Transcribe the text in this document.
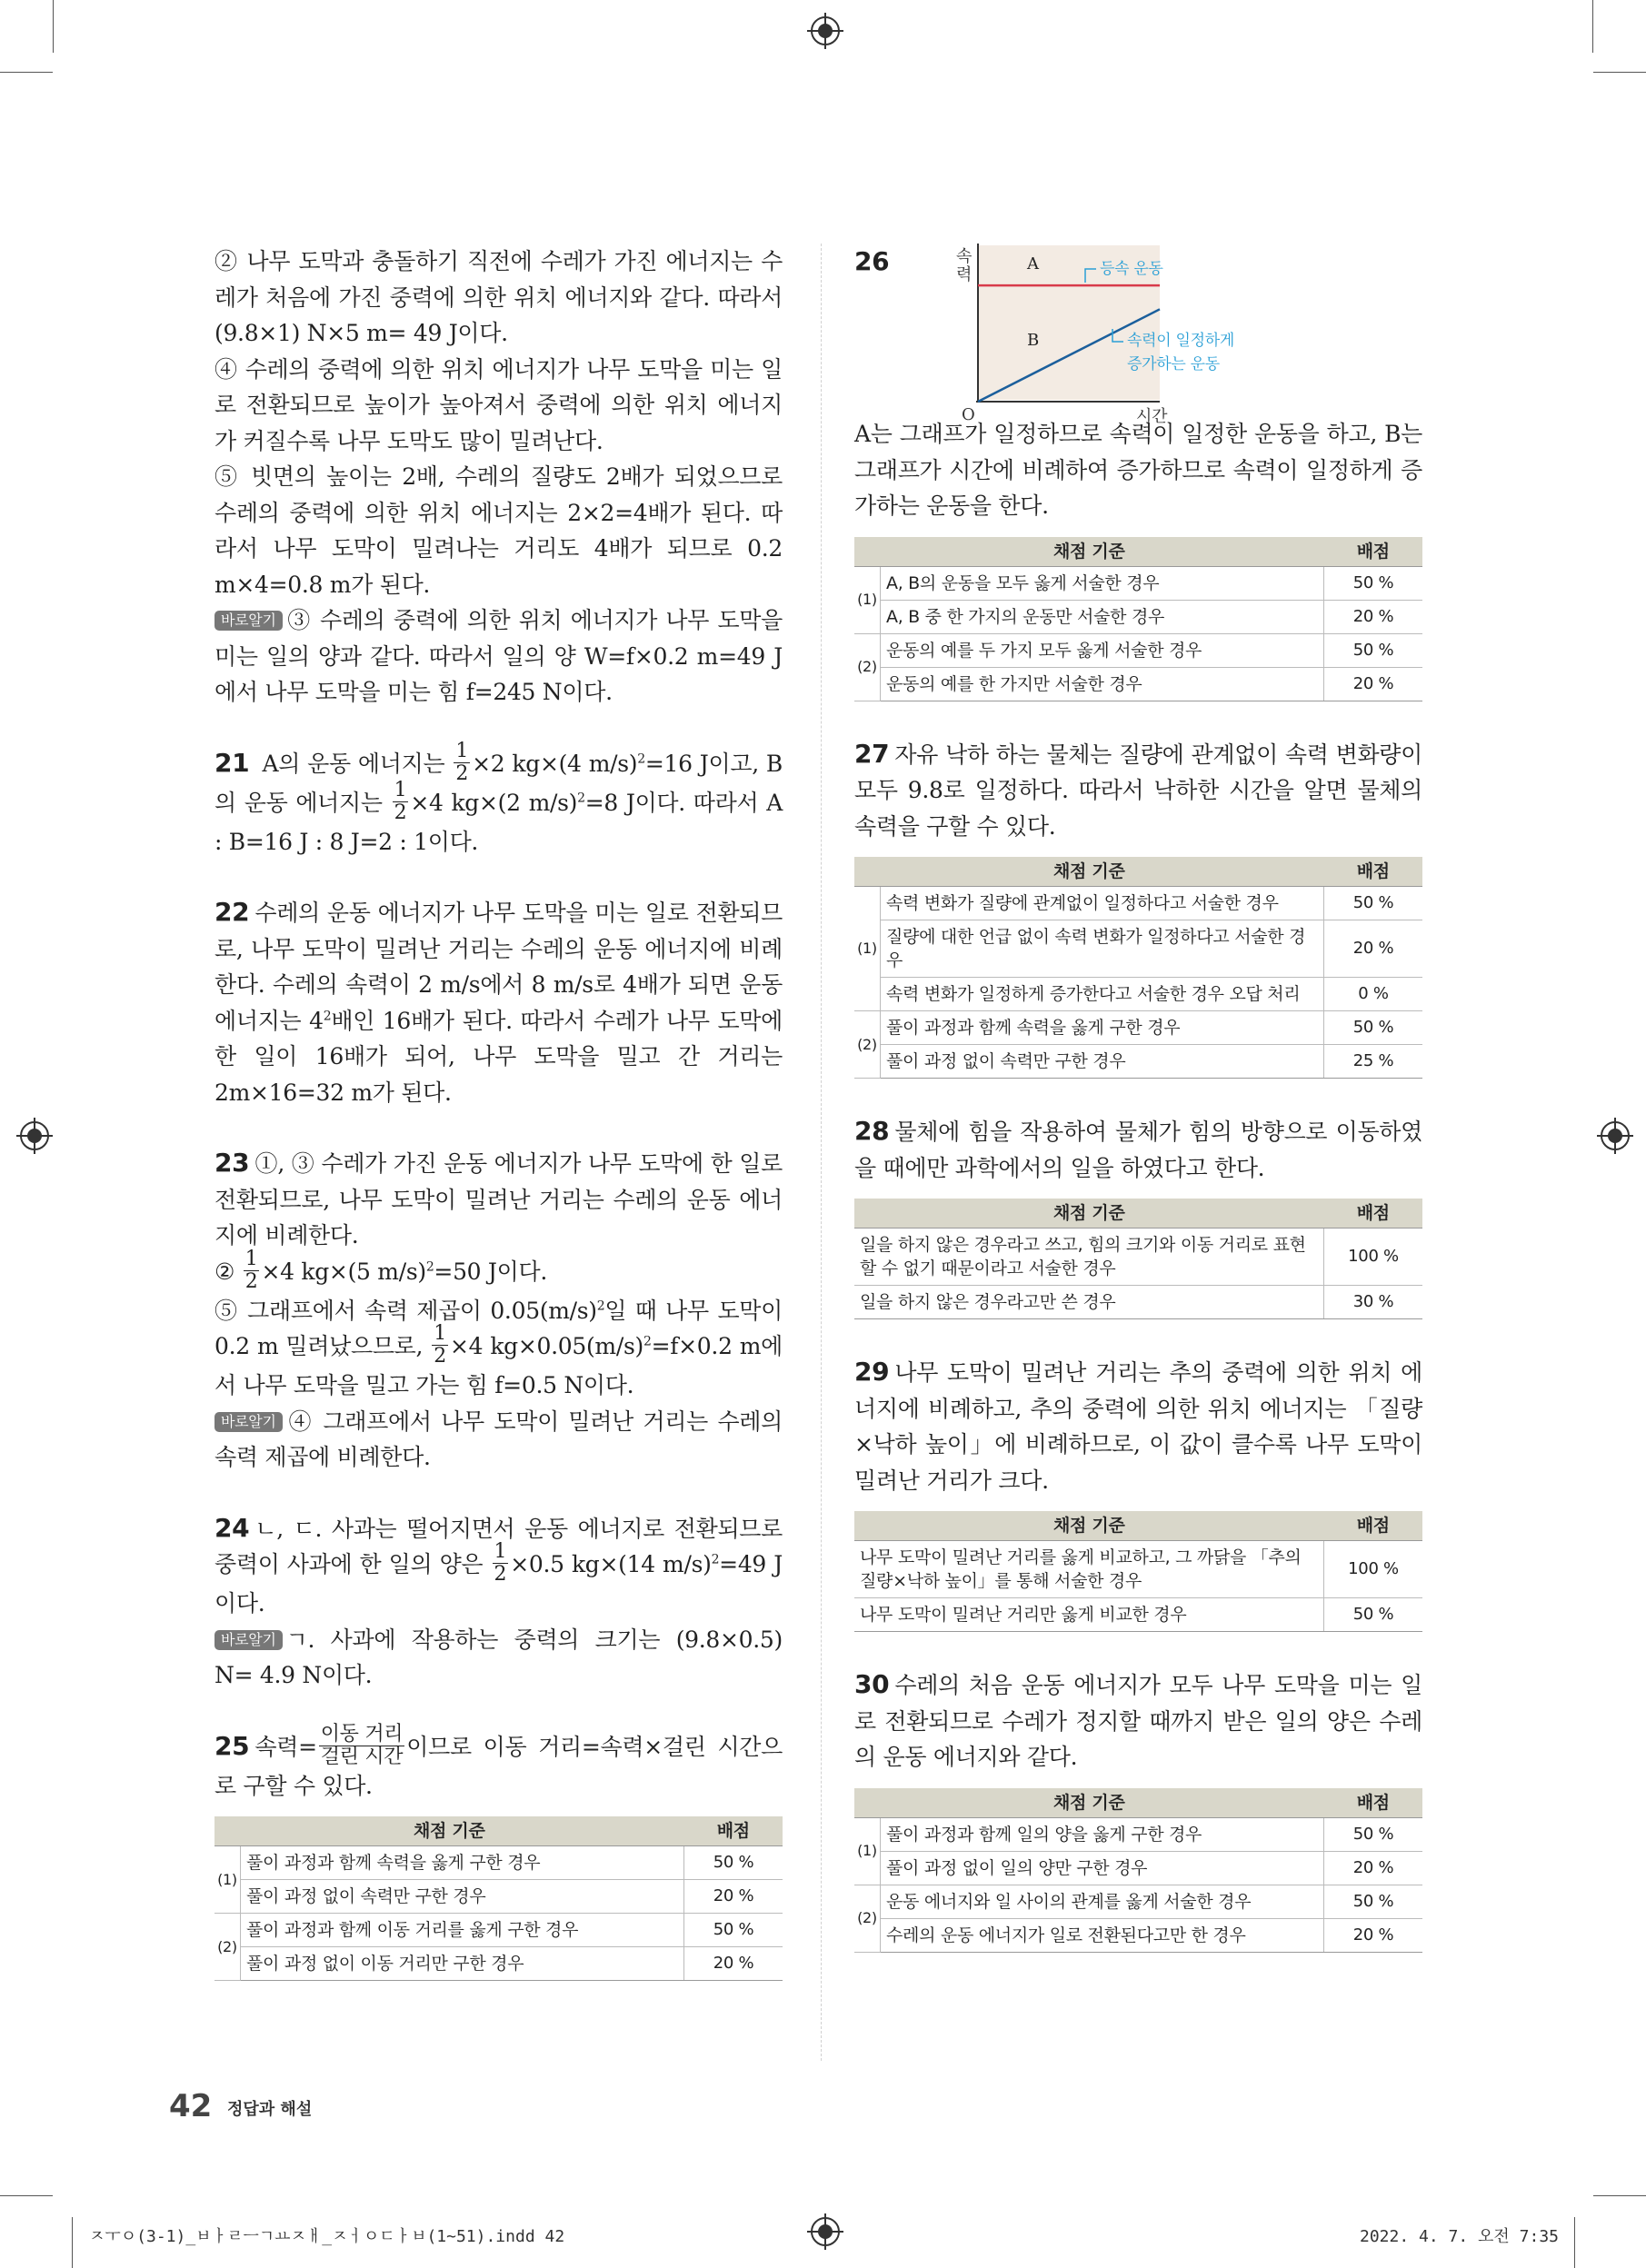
② 나무 도막과 충돌하기 직전에 수레가 가진 에너지는 수레가 처음에 가진 중력에 의한 위치 에너지와 같다. 따라서 (9.8×1) N×5 m= 49 J이다.

④ 수레의 중력에 의한 위치 에너지가 나무 도막을 미는 일로 전환되므로 높이가 높아져서 중력에 의한 위치 에너지가 커질수록 나무 도막도 많이 밀려난다.

⑤ 빗면의 높이는 2배, 수레의 질량도 2배가 되었으므로 수레의 중력에 의한 위치 에너지는 2×2=4배가 된다. 따라서 나무 도막이 밀려나는 거리도 4배가 되므로 0.2 m×4=0.8 m가 된다.

바로알기 ③ 수레의 중력에 의한 위치 에너지가 나무 도막을 미는 일의 양과 같다. 따라서 일의 양 W=f×0.2 m=49 J에서 나무 도막을 미는 힘 f=245 N이다.

21 A의 운동 에너지는 $\frac{1}{2} \times 2$ kg×(4 m/s)$^2$=16 J이고, B의 운동 에너지는 $\frac{1}{2} \times 4$ kg×(2 m/s)$^2$=8 J이다. 따라서 A : B=16 J : 8 J=2 : 1이다.

22 수레의 운동 에너지가 나무 도막을 미는 일로 전환되므로, 나무 도막이 밀려난 거리는 수레의 운동 에너지에 비례한다. 수레의 속력이 2 m/s에서 8 m/s로 4배가 되면 운동 에너지는 $4^2$배인 16배가 된다. 따라서 수레가 나무 도막에 한 일이 16배가 되어, 나무 도막을 밀고 간 거리는 2m×16=32 m가 된다.

23 ①, ③ 수레가 가진 운동 에너지가 나무 도막에 한 일로 전환되므로, 나무 도막이 밀려난 거리는 수레의 운동 에너지에 비례한다.

② $\frac{1}{2} \times 4$ kg×(5 m/s)$^2$=50 J이다.

⑤ 그래프에서 속력 제곱이 $0.05(m/s)^2$일 때 나무 도막이 0.2 m 밀려났으므로, $\frac{1}{2} \times 4$ $kg\times 0.05(m/s)^2=f\times 0.2$ m에서 나무 도막을 밀고 가는 힘 f=0.5 N이다.

바로알기 ④ 그래프에서 나무 도막이 밀려난 거리는 수레의 속력 제곱에 비례한다.

24 ㄴ, ㄷ. 사과는 떨어지면서 운동 에너지로 전환되므로 중력이 사과에 한 일의 양은 $\frac{1}{2} \times 0.5$ kg×(14 m/s)$^2$=49 J이다.

바로알기 ㄱ. 사과에 작용하는 중력의 크기는 (9.8×0.5) N= 4.9 N이다.

25 속력= $\frac{\text{이동 거리}}{\text{걸린 시간}}$ 이므로 이동 거리=속력×걸린 시간으로 구할 수 있다.

채점 기준		배점
(1)	풀이 과정과 함께 속력을 옳게 구한 경우	50 %
	풀이 과정 없이 속력만 구한 경우	20 %
(2)	풀이 과정과 함께 이동 거리를 옳게 구한 경우	50 %
	풀이 과정 없이 이동 거리만 구한 경우	20 %
26	속 력
O	시간
A
B
등속 운동
속력이 일정하게
증가하는 운동

A는 그래프가 일정하므로 속력이 일정한 운동을 하고, B는 그래프가 시간에 비례하여 증가하므로 속력이 일정하게 증가하는 운동을 한다.

채점 기준		배점
(1)	A, B의 운동을 모두 옳게 서술한 경우	50 %
	A, B 중 한 가지의 운동만 서술한 경우	20 %
(2)	운동의 예를 두 가지 모두 옳게 서술한 경우	50 %
	운동의 예를 한 가지만 서술한 경우	20 %

27 자유 낙하 하는 물체는 질량에 관계없이 속력 변화량이 모두 9.8로 일정하다. 따라서 낙하한 시간을 알면 물체의 속력을 구할 수 있다.

채점 기준		배점
(1)	속력 변화가 질량에 관계없이 일정하다고 서술한 경우	50 %
	질량에 대한 언급 없이 속력 변화가 일정하다고 서술한 경우	20 %
	속력 변화가 일정하게 증가한다고 서술한 경우 오답 처리	0 %
(2)	풀이 과정과 함께 속력을 옳게 구한 경우	50 %
	풀이 과정 없이 속력만 구한 경우	25 %

28 물체에 힘을 작용하여 물체가 힘의 방향으로 이동하였을 때에만 과학에서의 일을 하였다고 한다.

채점 기준	배점
일을 하지 않은 경우라고 쓰고, 힘의 크기와 이동 거리로 표현할 수 없기 때문이라고 서술한 경우	100 %
일을 하지 않은 경우라고만 쓴 경우	30 %

29 나무 도막이 밀려난 거리는 추의 중력에 의한 위치 에너지에 비례하고, 추의 중력에 의한 위치 에너지는 「질량×낙하 높이」에 비례하므로, 이 값이 클수록 나무 도막이 밀려난 거리가 크다.

채점 기준	배점
나무 도막이 밀려난 거리를 옳게 비교하고, 그 까닭을 「추의 질량×낙하 높이」를 통해 서술한 경우	100 %
나무 도막이 밀려난 거리만 옳게 비교한 경우	50 %

30 수레의 처음 운동 에너지가 모두 나무 도막을 미는 일로 전환되므로 수레가 정지할 때까지 받은 일의 양은 수레의 운동 에너지와 같다.

채점 기준		배점
(1)	풀이 과정과 함께 일의 양을 옳게 구한 경우	50 %
	풀이 과정 없이 일의 양만 구한 경우	20 %
(2)	운동 에너지와 일 사이의 관계를 옳게 서술한 경우	50 %
	수레의 운동 에너지가 일로 전환된다고만 한 경우	20 %
42 정답과 해설
ㅈㅜㅇ(3-1)_ㅂㅏㄹㅡㄱㅛㅈㅐ_ㅈㅓㅇㄷㅏㅂ(1~51).indd 42	2022. 4. 7. 오전 7:35
